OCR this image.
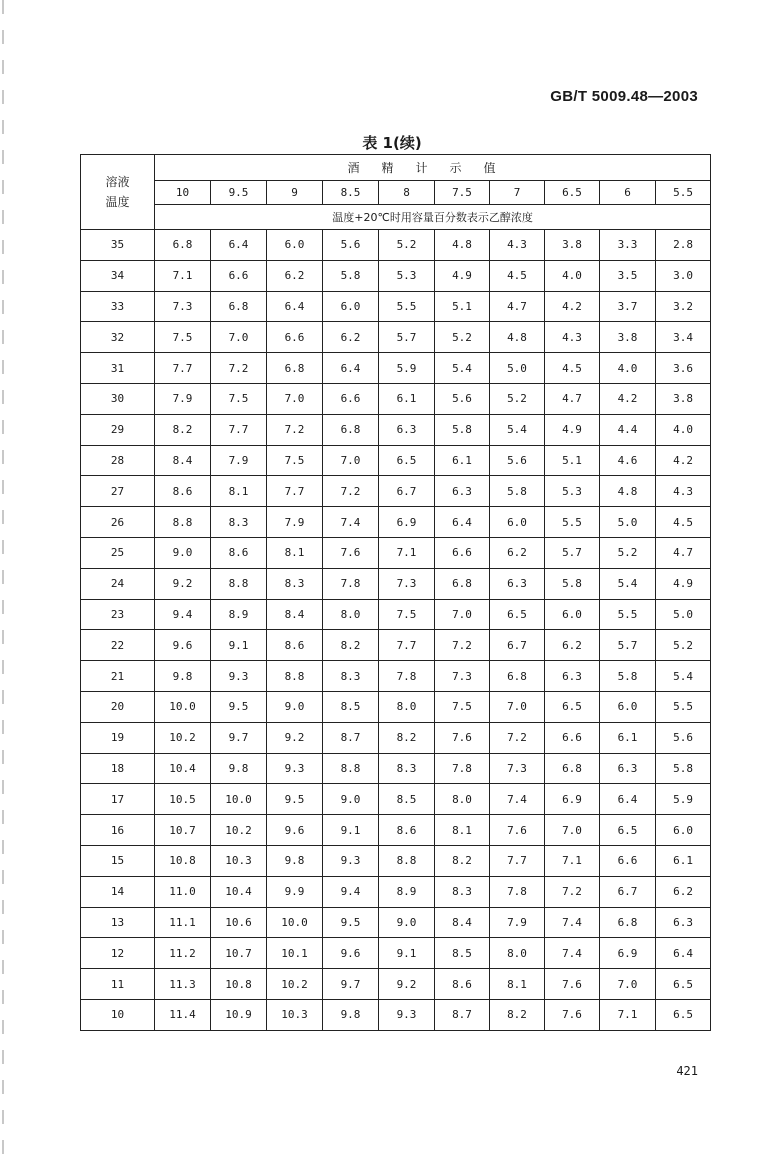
GB/T 5009.48—2003
表 1(续)
溶液
温度	酒精计示值									
	10	9.5	9	8.5	8	7.5	7	6.5	6	5.5
	温度+20℃时用容量百分数表示乙醇浓度									
35	6.8	6.4	6.0	5.6	5.2	4.8	4.3	3.8	3.3	2.8
34	7.1	6.6	6.2	5.8	5.3	4.9	4.5	4.0	3.5	3.0
33	7.3	6.8	6.4	6.0	5.5	5.1	4.7	4.2	3.7	3.2
32	7.5	7.0	6.6	6.2	5.7	5.2	4.8	4.3	3.8	3.4
31	7.7	7.2	6.8	6.4	5.9	5.4	5.0	4.5	4.0	3.6
30	7.9	7.5	7.0	6.6	6.1	5.6	5.2	4.7	4.2	3.8
29	8.2	7.7	7.2	6.8	6.3	5.8	5.4	4.9	4.4	4.0
28	8.4	7.9	7.5	7.0	6.5	6.1	5.6	5.1	4.6	4.2
27	8.6	8.1	7.7	7.2	6.7	6.3	5.8	5.3	4.8	4.3
26	8.8	8.3	7.9	7.4	6.9	6.4	6.0	5.5	5.0	4.5
25	9.0	8.6	8.1	7.6	7.1	6.6	6.2	5.7	5.2	4.7
24	9.2	8.8	8.3	7.8	7.3	6.8	6.3	5.8	5.4	4.9
23	9.4	8.9	8.4	8.0	7.5	7.0	6.5	6.0	5.5	5.0
22	9.6	9.1	8.6	8.2	7.7	7.2	6.7	6.2	5.7	5.2
21	9.8	9.3	8.8	8.3	7.8	7.3	6.8	6.3	5.8	5.4
20	10.0	9.5	9.0	8.5	8.0	7.5	7.0	6.5	6.0	5.5
19	10.2	9.7	9.2	8.7	8.2	7.6	7.2	6.6	6.1	5.6
18	10.4	9.8	9.3	8.8	8.3	7.8	7.3	6.8	6.3	5.8
17	10.5	10.0	9.5	9.0	8.5	8.0	7.4	6.9	6.4	5.9
16	10.7	10.2	9.6	9.1	8.6	8.1	7.6	7.0	6.5	6.0
15	10.8	10.3	9.8	9.3	8.8	8.2	7.7	7.1	6.6	6.1
14	11.0	10.4	9.9	9.4	8.9	8.3	7.8	7.2	6.7	6.2
13	11.1	10.6	10.0	9.5	9.0	8.4	7.9	7.4	6.8	6.3
12	11.2	10.7	10.1	9.6	9.1	8.5	8.0	7.4	6.9	6.4
11	11.3	10.8	10.2	9.7	9.2	8.6	8.1	7.6	7.0	6.5
10	11.4	10.9	10.3	9.8	9.3	8.7	8.2	7.6	7.1	6.5
421
